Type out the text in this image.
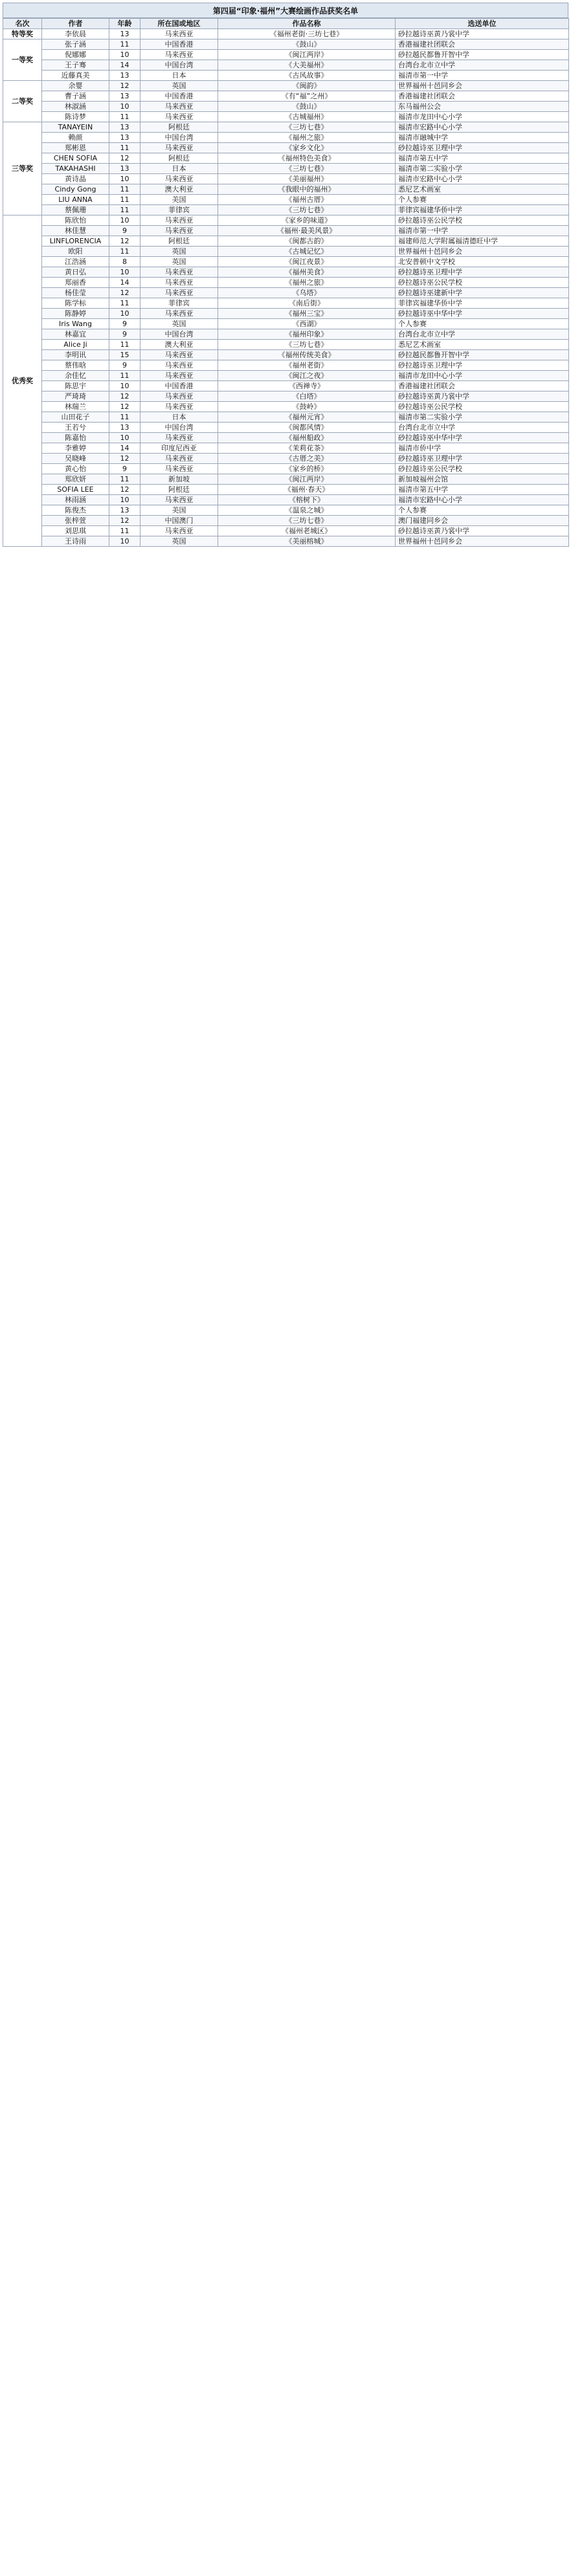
第四届“印象·福州”大赛绘画作品获奖名单
名次	作者	年龄	所在国或地区	作品名称	选送单位
特等奖	李依晨	13	马来西亚	《福州老街·三坊七巷》	砂拉越诗巫黄乃裳中学
一等奖	张子涵	11	中国香港	《鼓山》	香港福建社团联会
	倪娜娜	10	马来西亚	《闽江两岸》	砂拉越民都鲁开智中学
	王子骞	14	中国台湾	《大美福州》	台湾台北市立中学
	近藤真美	13	日本	《古风故事》	福清市第一中学
二等奖	余婴	12	英国	《闽韵》	世界福州十邑同乡会
	曹子涵	13	中国香港	《有“福”之州》	香港福建社团联会
	林淑涵	10	马来西亚	《鼓山》	东马福州公会
	陈诗梦	11	马来西亚	《古城福州》	福清市龙田中心小学
三等奖	TANAYEIN	13	阿根廷	《三坊七巷》	福清市宏路中心小学
	赖颜	13	中国台湾	《福州之旅》	福清市融城中学
	郑彬恩	11	马来西亚	《家乡文化》	砂拉越诗巫卫理中学
	CHEN SOFIA	12	阿根廷	《福州特色美食》	福清市第五中学
	TAKAHASHI	13	日本	《三坊七巷》	福清市第二实验小学
	黄诗晶	10	马来西亚	《美丽福州》	福清市宏路中心小学
	Cindy Gong	11	澳大利亚	《我眼中的福州》	悉尼艺术画室
	LIU ANNA	11	美国	《福州古厝》	个人参赛
	蔡佩珊	11	菲律宾	《三坊七巷》	菲律宾福建华侨中学
优秀奖	陈欣怡	10	马来西亚	《家乡的味道》	砂拉越诗巫公民学校
	林佳慧	9	马来西亚	《福州·最美风景》	福清市第一中学
	LINFLORENCIA	12	阿根廷	《闽都古韵》	福建师范大学附属福清德旺中学
	欧阳	11	英国	《古城记忆》	世界福州十邑同乡会
	江浩涵	8	英国	《闽江夜景》	北安普顿中文学校
	黄日弘	10	马来西亚	《福州美食》	砂拉越诗巫卫理中学
	郑丽香	14	马来西亚	《福州之旅》	砂拉越诗巫公民学校
	杨佳莹	12	马来西亚	《乌塔》	砂拉越诗巫建新中学
	陈学标	11	菲律宾	《南后街》	菲律宾福建华侨中学
	陈静婷	10	马来西亚	《福州三宝》	砂拉越诗巫中华中学
	Iris Wang	9	英国	《西湖》	个人参赛
	林嘉宜	9	中国台湾	《福州印象》	台湾台北市立中学
	Alice Ji	11	澳大利亚	《三坊七巷》	悉尼艺术画室
	李明讯	15	马来西亚	《福州传统美食》	砂拉越民都鲁开智中学
	蔡伟晗	9	马来西亚	《福州老街》	砂拉越诗巫卫理中学
	余佳忆	11	马来西亚	《闽江之夜》	福清市龙田中心小学
	陈思宇	10	中国香港	《西禅寺》	香港福建社团联会
	严琦琦	12	马来西亚	《白塔》	砂拉越诗巫黄乃裳中学
	林瑞兰	12	马来西亚	《鼓岭》	砂拉越诗巫公民学校
	山田花子	11	日本	《福州元宵》	福清市第二实验小学
	王若兮	13	中国台湾	《闽都风情》	台湾台北市立中学
	陈嘉怡	10	马来西亚	《福州船政》	砂拉越诗巫中华中学
	李雅婷	14	印度尼西亚	《茉莉花茶》	福清市侨中学
	吴晓峰	12	马来西亚	《古厝之美》	砂拉越诗巫卫理中学
	黄心怡	9	马来西亚	《家乡的桥》	砂拉越诗巫公民学校
	郑欣妍	11	新加坡	《闽江两岸》	新加坡福州会馆
	SOFIA LEE	12	阿根廷	《福州·春天》	福清市第五中学
	林雨涵	10	马来西亚	《榕树下》	福清市宏路中心小学
	陈俊杰	13	美国	《温泉之城》	个人参赛
	张梓萱	12	中国澳门	《三坊七巷》	澳门福建同乡会
	刘思琪	11	马来西亚	《福州老城区》	砂拉越诗巫黄乃裳中学
	王诗雨	10	英国	《美丽榕城》	世界福州十邑同乡会
